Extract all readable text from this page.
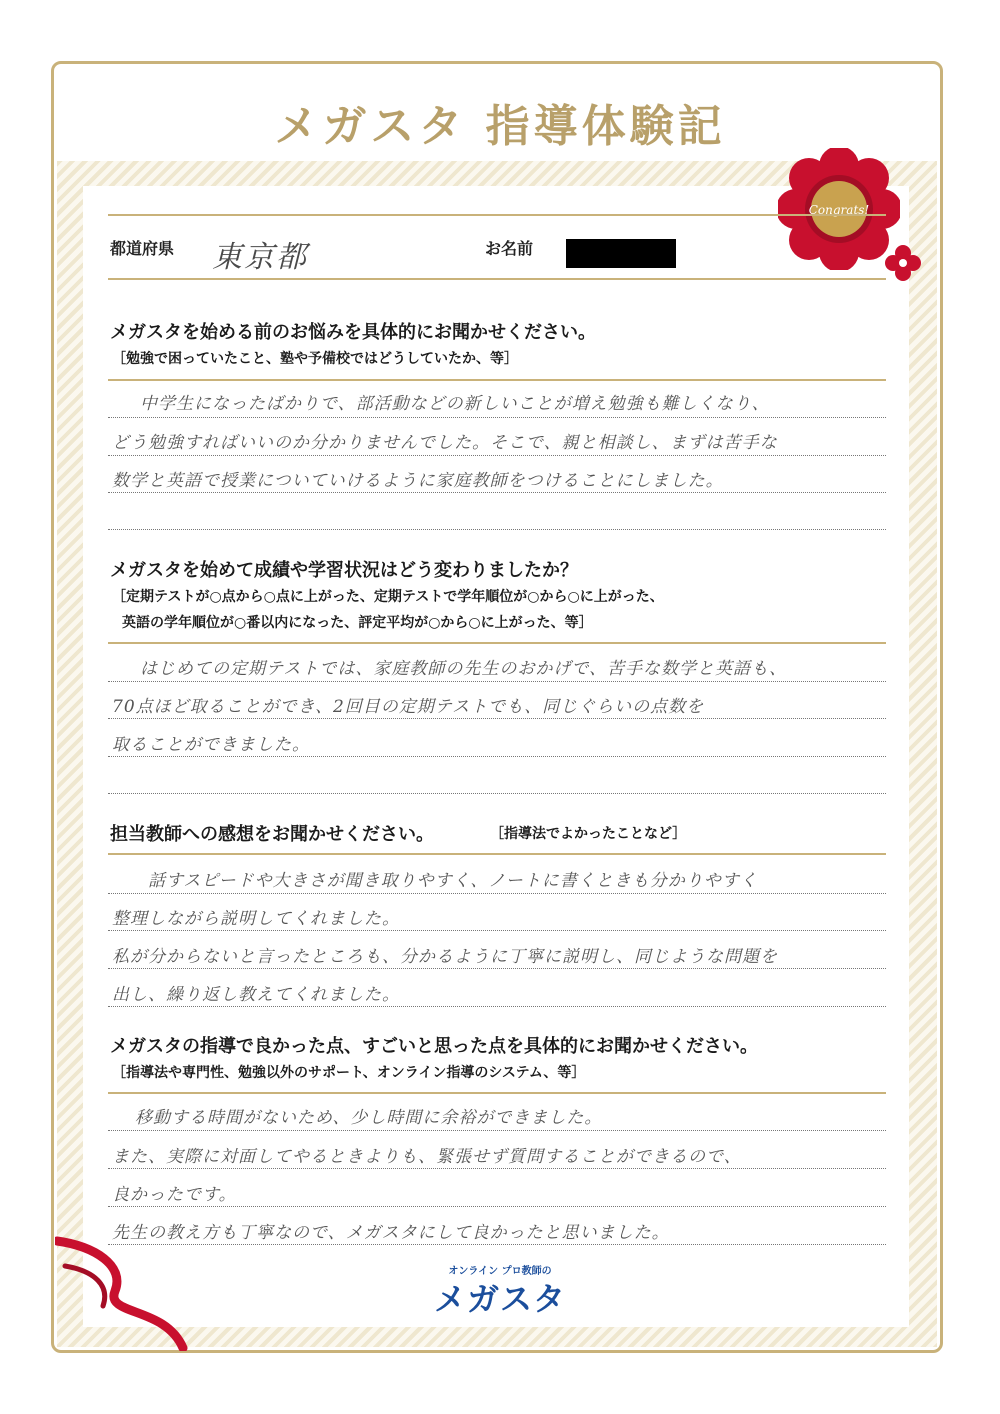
メガスタ 指導体験記
Congrats!
都道府県 東京都	お名前
メガスタを始める前のお悩みを具体的にお聞かせください。
［勉強で困っていたこと、塾や予備校ではどうしていたか、等］
中学生になったばかりで、部活動などの新しいことが増え勉強も難しくなり、
どう勉強すればいいのか分かりませんでした。そこで、親と相談し、まずは苦手な
数学と英語で授業についていけるように家庭教師をつけることにしました。
メガスタを始めて成績や学習状況はどう変わりましたか？
［定期テストが○点から○点に上がった、定期テストで学年順位が○から○に上がった、
英語の学年順位が○番以内になった、評定平均が○から○に上がった、等］
はじめての定期テストでは、家庭教師の先生のおかげで、苦手な数学と英語も、
70点ほど取ることができ、2回目の定期テストでも、同じぐらいの点数を
取ることができました。
担当教師への感想をお聞かせください。	［指導法でよかったことなど］
話すスピードや大きさが聞き取りやすく、ノートに書くときも分かりやすく
整理しながら説明してくれました。
私が分からないと言ったところも、分かるように丁寧に説明し、同じような問題を
出し、繰り返し教えてくれました。
メガスタの指導で良かった点、すごいと思った点を具体的にお聞かせください。
［指導法や専門性、勉強以外のサポート、オンライン指導のシステム、等］
移動する時間がないため、少し時間に余裕ができました。
また、実際に対面してやるときよりも、緊張せず質問することができるので、
良かったです。
先生の教え方も丁寧なので、メガスタにして良かったと思いました。
オンライン プロ教師の
メガスタ
